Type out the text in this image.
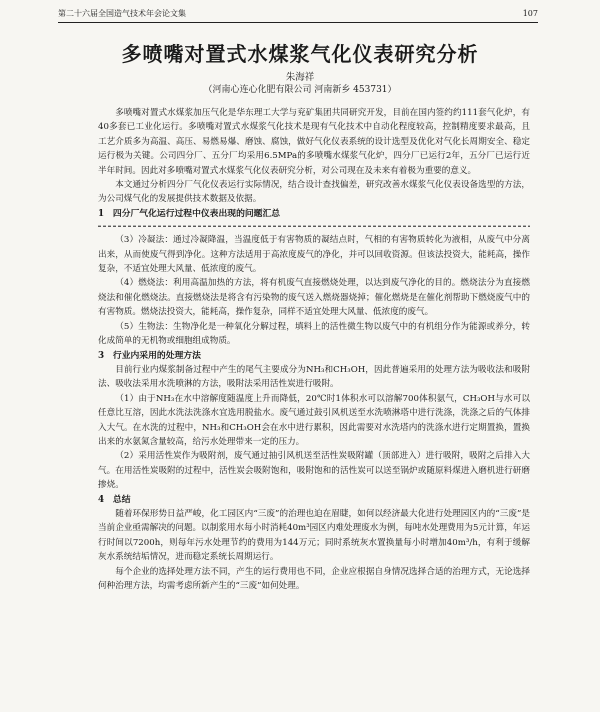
第二十六届全国造气技术年会论文集	107
多喷嘴对置式水煤浆气化仪表研究分析
朱海祥
（河南心连心化肥有限公司 河南新乡 453731）

多喷嘴对置式水煤浆加压气化是华东理工大学与兖矿集团共同研究开发，目前在国内签约约111套气化炉，有40多套已工业化运行。多喷嘴对置式水煤浆气化技术是现有气化技术中自动化程度较高，控制精度要求最高，且工艺介质多为高温、高压、易燃易爆、磨蚀、腐蚀，做好气化仪表系统的设计选型及优化对气化长周期安全、稳定运行极为关键。公司四分厂、五分厂均采用6.5MPa的多喷嘴水煤浆气化炉，四分厂已运行2年，五分厂已运行近半年时间。因此对多喷嘴对置式水煤浆气化仪表研究分析，对公司现在及未来有着极为重要的意义。

本文通过分析四分厂气化仪表运行实际情况，结合设计查找偏差，研究改善水煤浆气化仪表设备选型的方法，为公司煤气化的发展提供技术数据及依据。

1　四分厂气化运行过程中仪表出现的问题汇总

（3）冷凝法：通过冷凝降温，当温度低于有害物质的凝结点时，气相的有害物质转化为液相，从废气中分离出来，从而使废气得到净化。这种方法适用于高浓度废气的净化，并可以回收资源。但该法投资大，能耗高，操作复杂，不适宜处理大风量、低浓度的废气。

（4）燃烧法：利用高温加热的方法，将有机废气直接燃烧处理，以达到废气净化的目的。燃烧法分为直接燃烧法和催化燃烧法。直接燃烧法是将含有污染物的废气送入燃烧器烧掉；催化燃烧是在催化剂帮助下燃烧废气中的有害物质。燃烧法投资大，能耗高，操作复杂，同样不适宜处理大风量、低浓度的废气。

（5）生物法：生物净化是一种氧化分解过程，填料上的活性微生物以废气中的有机组分作为能源或养分，转化成简单的无机物或细胞组成物质。

3　行业内采用的处理方法

目前行业内煤浆制备过程中产生的尾气主要成分为NH₃和CH₃OH，因此普遍采用的处理方法为吸收法和吸附法、吸收法采用水洗喷淋的方法，吸附法采用活性炭进行吸附。

（1）由于NH₃在水中溶解度随温度上升而降低，20℃时1体积水可以溶解700体积氨气，CH₃OH与水可以任意比互溶，因此水洗法洗涤水宜选用脱盐水。废气通过鼓引风机送至水洗喷淋塔中进行洗涤，洗涤之后的气体排入大气。在水洗的过程中，NH₃和CH₃OH会在水中进行累积，因此需要对水洗塔内的洗涤水进行定期置换，置换出来的水氨氮含量较高，给污水处理带来一定的压力。

（2）采用活性炭作为吸附剂，废气通过抽引风机送至活性炭吸附罐（顶部进入）进行吸附，吸附之后排入大气。在用活性炭吸附的过程中，活性炭会吸附饱和，吸附饱和的活性炭可以送至锅炉或随原料煤进入磨机进行研磨掺烧。

4　总结

随着环保形势日益严峻，化工园区内“三废”的治理也迫在眉睫，如何以经济最大化进行处理园区内的“三废”是当前企业亟需解决的问题。以制浆用水每小时消耗40m³园区内难处理废水为例，每吨水处理费用为5元计算，年运行时间以7200h，则每年污水处理节约的费用为144万元；同时系统灰水置换量每小时增加40m³/h，有利于缓解灰水系统结垢情况，进而稳定系统长周期运行。

每个企业的选择处理方法不同，产生的运行费用也不同，企业应根据自身情况选择合适的治理方式，无论选择何种治理方法，均需考虑所新产生的“三废”如何处理。
